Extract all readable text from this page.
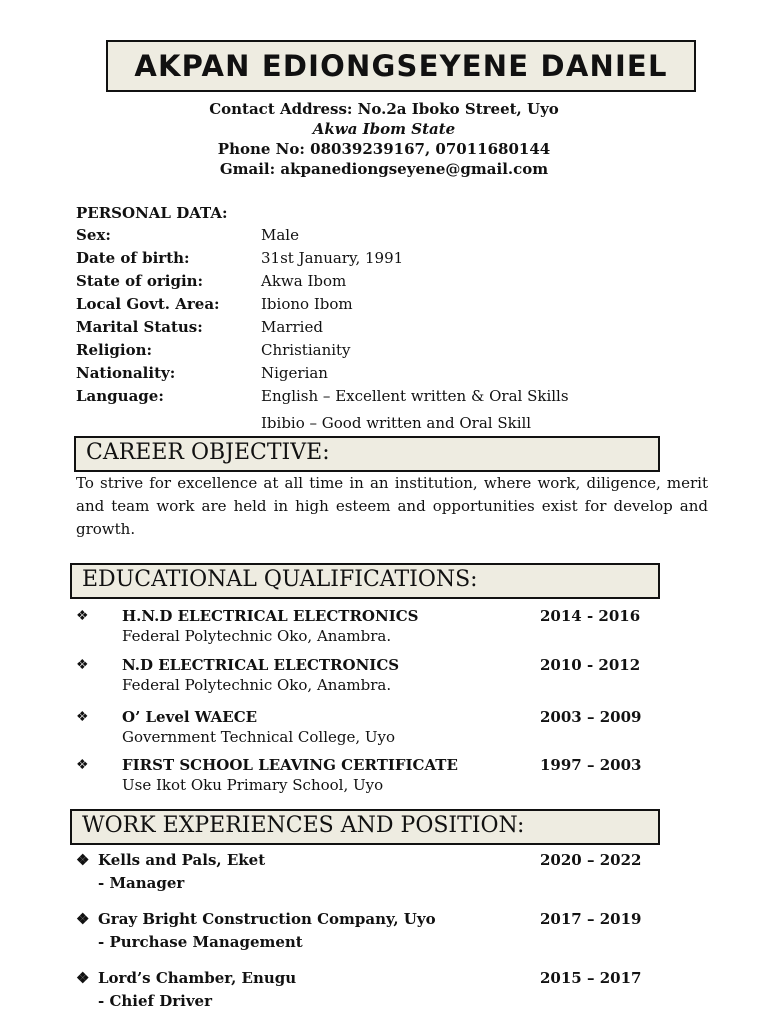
AKPAN EDIONGSEYENE DANIEL
Contact Address: No.2a Iboko Street, Uyo
Akwa Ibom State
Phone No: 08039239167, 07011680144
Gmail: akpanediongseyene@gmail.com
PERSONAL DATA:
Sex:	Male
Date of birth:	31st January, 1991
State of origin:	Akwa Ibom
Local Govt. Area:	Ibiono Ibom
Marital Status:	Married
Religion:	Christianity
Nationality:	Nigerian
Language:	English – Excellent written & Oral Skills
Ibibio – Good written and Oral Skill
CAREER OBJECTIVE:
To strive for excellence at all time in an institution, where work, diligence, merit and team work are held in high esteem and opportunities exist for develop and growth.
EDUCATIONAL QUALIFICATIONS:
❖ H.N.D ELECTRICAL ELECTRONICS	2014 - 2016
Federal Polytechnic Oko, Anambra.
❖ N.D ELECTRICAL ELECTRONICS	2010 - 2012
Federal Polytechnic Oko, Anambra.
❖ O’ Level WAECE	2003 – 2009
Government Technical College, Uyo
❖ FIRST SCHOOL LEAVING CERTIFICATE	1997 – 2003
Use Ikot Oku Primary School, Uyo
WORK EXPERIENCES AND POSITION:
❖ Kells and Pals, Eket	2020 – 2022
- Manager
❖ Gray Bright Construction Company, Uyo	2017 – 2019
- Purchase Management
❖ Lord’s Chamber, Enugu	2015 – 2017
- Chief Driver
